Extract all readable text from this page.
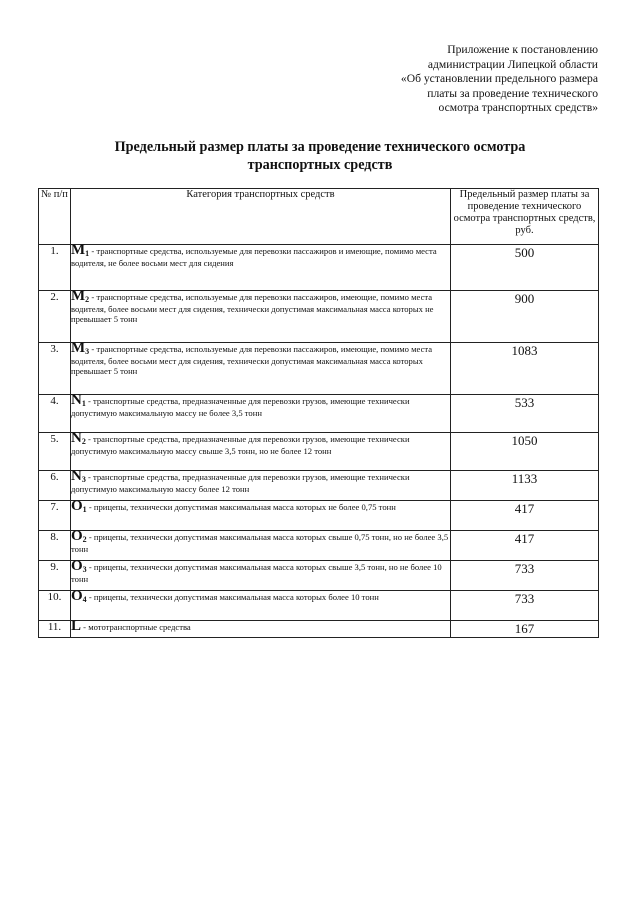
Приложение к постановлению
администрации Липецкой области
«Об установлении предельного размера
платы за проведение технического
осмотра транспортных средств»
Предельный размер платы за проведение технического осмотра
транспортных средств
№ п/п	Категория транспортных средств	Предельный размер платы за проведение технического осмотра транспортных средств, руб.
1.	M1 - транспортные средства, используемые для перевозки пассажиров и имеющие, помимо места водителя, не более восьми мест для сидения	500
2.	M2 - транспортные средства, используемые для перевозки пассажиров, имеющие, помимо места водителя, более восьми мест для сидения, технически допустимая максимальная масса которых не превышает 5 тонн	900
3.	M3 - транспортные средства, используемые для перевозки пассажиров, имеющие, помимо места водителя, более восьми мест для сидения, технически допустимая максимальная масса которых превышает 5 тонн	1083
4.	N1 - транспортные средства, предназначенные для перевозки грузов, имеющие технически допустимую максимальную массу не более 3,5 тонн	533
5.	N2 - транспортные средства, предназначенные для перевозки грузов, имеющие технически допустимую максимальную массу свыше 3,5 тонн, но не более 12 тонн	1050
6.	N3 - транспортные средства, предназначенные для перевозки грузов, имеющие технически допустимую максимальную массу более 12 тонн	1133
7.	O1 - прицепы, технически допустимая максимальная масса которых не более 0,75 тонн	417
8.	O2 - прицепы, технически допустимая максимальная масса которых свыше 0,75 тонн, но не более 3,5 тонн	417
9.	O3 - прицепы, технически допустимая максимальная масса которых свыше 3,5 тонн, но не более 10 тонн	733
10.	O4 - прицепы, технически допустимая максимальная масса которых более 10 тонн	733
11.	L - мототранспортные средства	167
